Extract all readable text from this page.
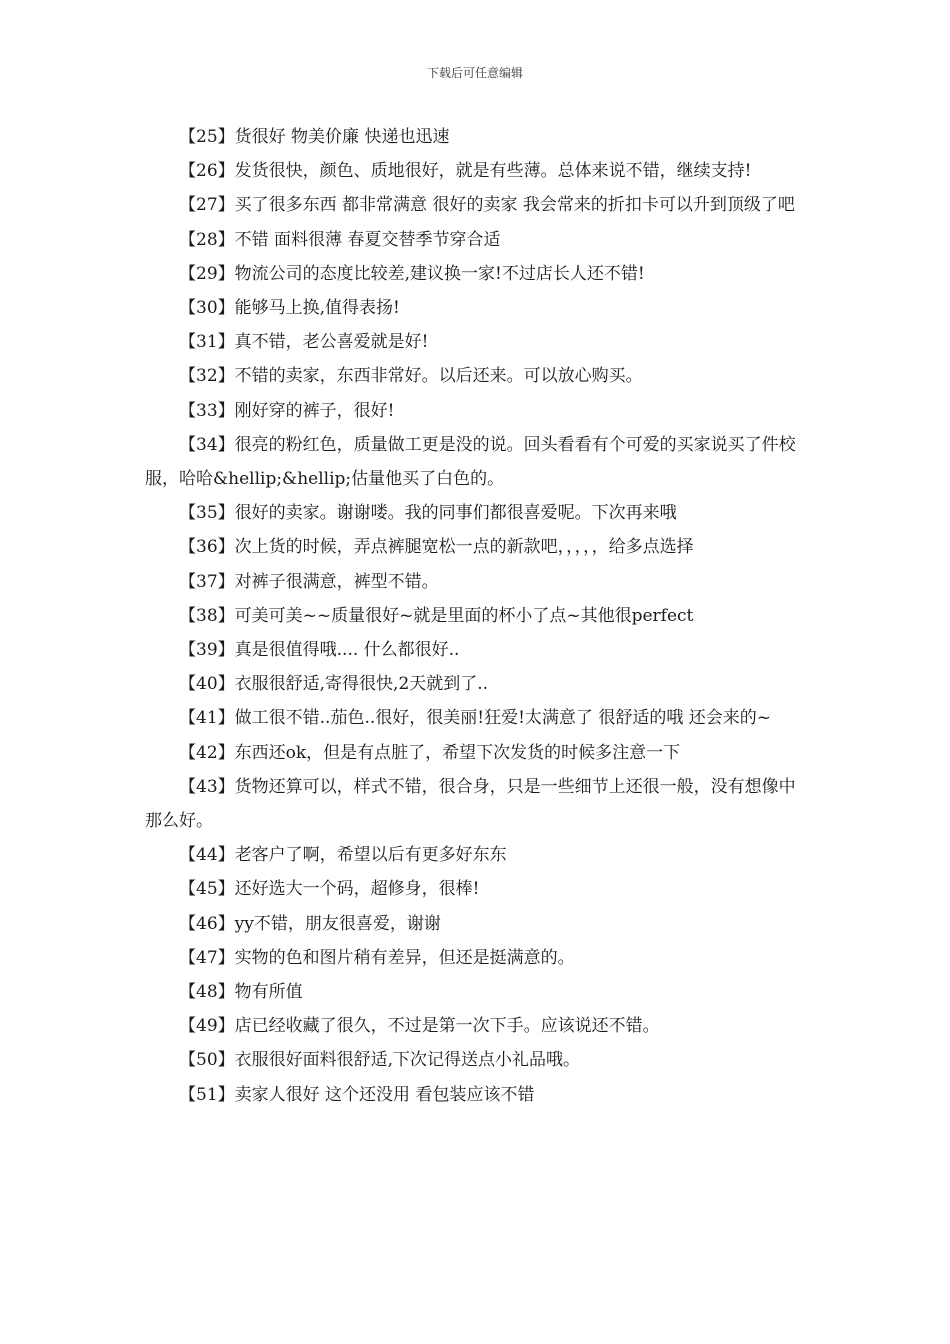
下载后可任意编辑

【25】货很好 物美价廉 快递也迅速

【26】发货很快，颜色、质地很好，就是有些薄。总体来说不错，继续支持!

【27】买了很多东西 都非常满意 很好的卖家 我会常来的折扣卡可以升到顶级了吧

【28】不错 面料很薄 春夏交替季节穿合适

【29】物流公司的态度比较差,建议换一家!不过店长人还不错!

【30】能够马上换,值得表扬!

【31】真不错，老公喜爱就是好!

【32】不错的卖家，东西非常好。以后还来。可以放心购买。

【33】刚好穿的裤子，很好!

【34】很亮的粉红色，质量做工更是没的说。回头看看有个可爱的买家说买了件校服，哈哈&hellip;&hellip;估量他买了白色的。

【35】很好的卖家。谢谢喽。我的同事们都很喜爱呢。下次再来哦

【36】次上货的时候，弄点裤腿宽松一点的新款吧，，，，，给多点选择

【37】对裤子很满意，裤型不错。

【38】可美可美~~质量很好~就是里面的杯小了点~其他很perfect

【39】真是很值得哦.... 什么都很好..

【40】衣服很舒适,寄得很快,2天就到了..

【41】做工很不错..茄色..很好，很美丽!狂爱!太满意了 很舒适的哦 还会来的~

【42】东西还ok，但是有点脏了，希望下次发货的时候多注意一下

【43】货物还算可以，样式不错，很合身，只是一些细节上还很一般，没有想像中那么好。

【44】老客户了啊，希望以后有更多好东东

【45】还好选大一个码，超修身，很棒!

【46】yy不错，朋友很喜爱，谢谢

【47】实物的色和图片稍有差异，但还是挺满意的。

【48】物有所值

【49】店已经收藏了很久，不过是第一次下手。应该说还不错。

【50】衣服很好面料很舒适,下次记得送点小礼品哦。

【51】卖家人很好 这个还没用 看包装应该不错
